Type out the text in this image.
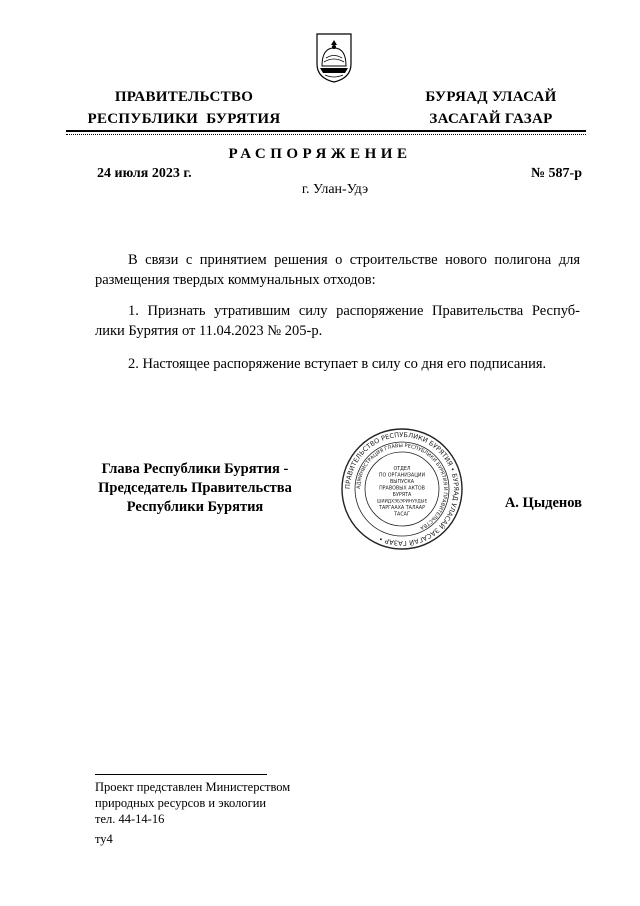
ПРАВИТЕЛЬСТВО
РЕСПУБЛИКИ  БУРЯТИЯ
БУРЯАД УЛАСАЙ
ЗАСАГАЙ ГАЗАР
РАСПОРЯЖЕНИЕ
24 июля 2023 г.	№ 587-р
г. Улан-Удэ
В связи с принятием решения о строительстве нового полигона для
размещения твердых коммунальных отходов:
1. Признать утратившим силу распоряжение Правительства Респуб-
лики Бурятия от 11.04.2023 № 205-р.
2. Настоящее распоряжение вступает в силу со дня его подписания.
Глава Республики Бурятия -
Председатель Правительства
Республики Бурятия
ПРАВИТЕЛЬСТВО РЕСПУБЛИКИ БУРЯТИЯ • БУРЯАД УЛАСАЙ ЗАСАГАЙ ГАЗАР •
АДМИНИСТРАЦИЯ ГЛАВЫ РЕСПУБЛИКИ БУРЯТИЯ И ПРАВИТЕЛЬСТВА
ОТДЕЛ
ПО ОРГАНИЗАЦИИ
ВЫПУСКА
ПРАВОВЫХ АКТОВ
БУРЯТА
ШИИДХЭБЭРИНУУДЫЕ
ТАРГААХА ТАЛААР
ТАСАГ
А. Цыденов
Проект представлен Министерством
природных ресурсов и экологии
тел. 44-14-16
ту4
